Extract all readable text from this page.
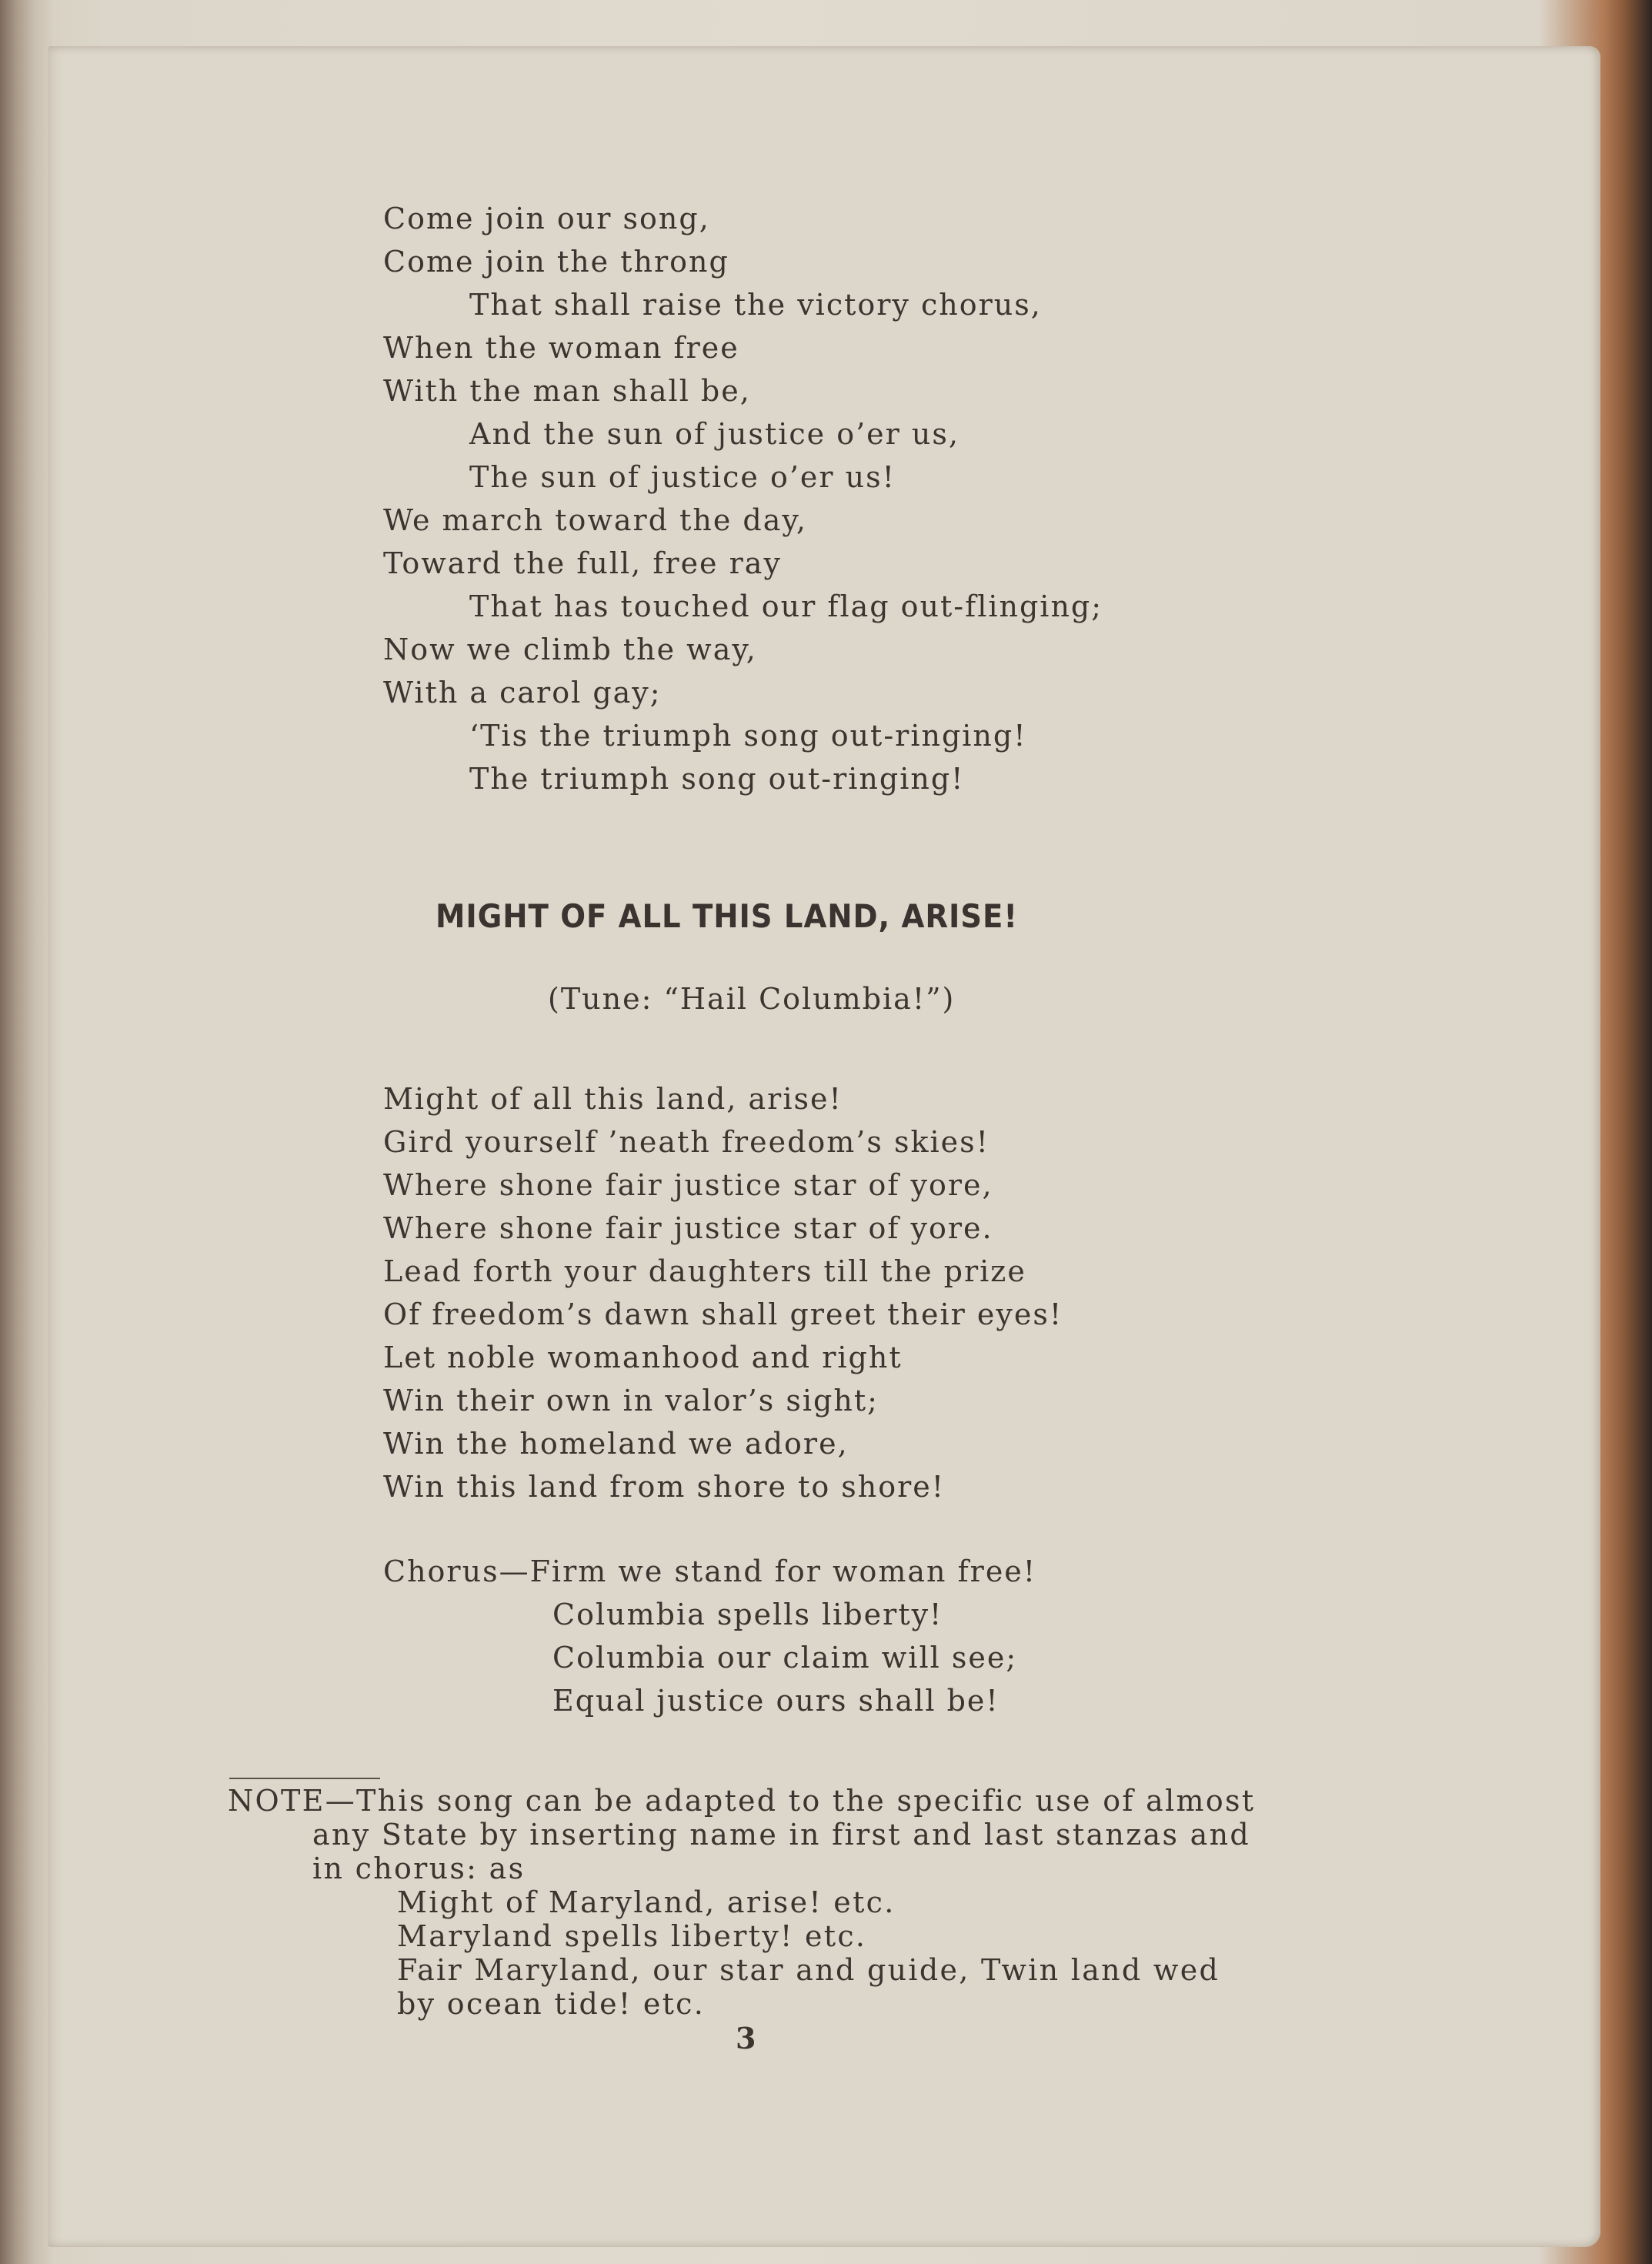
Come join our song,
Come join the throng
That shall raise the victory chorus,
When the woman free
With the man shall be,
And the sun of justice o’er us,
The sun of justice o’er us!
We march toward the day,
Toward the full, free ray
That has touched our flag out-flinging;
Now we climb the way,
With a carol gay;
‘Tis the triumph song out-ringing!
The triumph song out-ringing!
MIGHT OF ALL THIS LAND, ARISE!
(Tune: “Hail Columbia!”)
Might of all this land, arise!
Gird yourself ’neath freedom’s skies!
Where shone fair justice star of yore,
Where shone fair justice star of yore.
Lead forth your daughters till the prize
Of freedom’s dawn shall greet their eyes!
Let noble womanhood and right
Win their own in valor’s sight;
Win the homeland we adore,
Win this land from shore to shore!
Chorus—Firm we stand for woman free!
Columbia spells liberty!
Columbia our claim will see;
Equal justice ours shall be!
NOTE—This song can be adapted to the specific use of almost
any State by inserting name in first and last stanzas and
in chorus: as
Might of Maryland, arise! etc.
Maryland spells liberty! etc.
Fair Maryland, our star and guide, Twin land wed
by ocean tide! etc.
3
